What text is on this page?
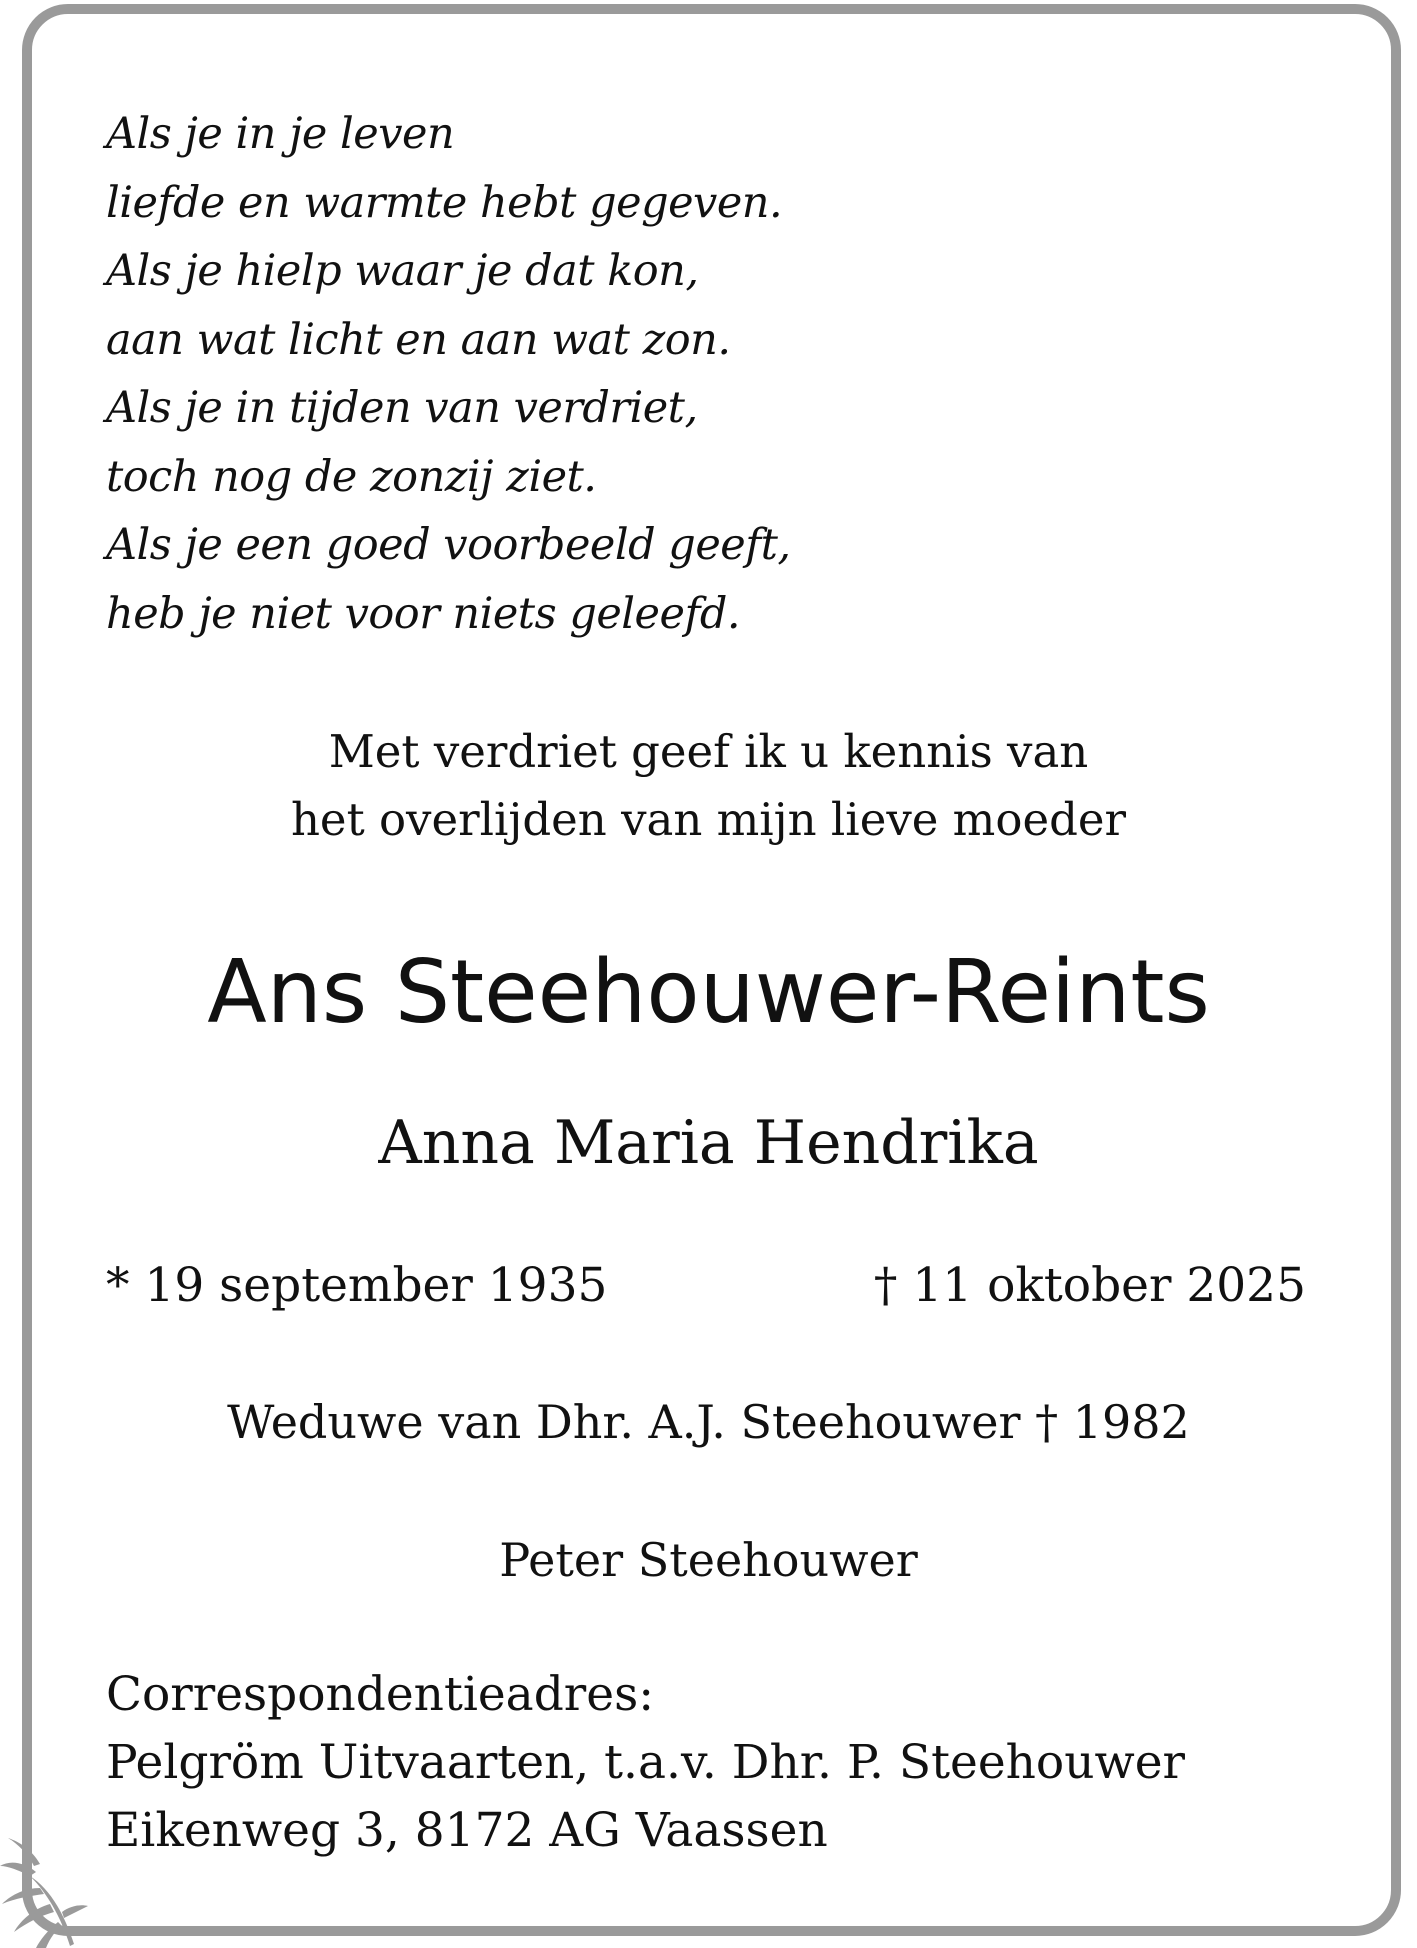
Als je in je leven
liefde en warmte hebt gegeven.
Als je hielp waar je dat kon,
aan wat licht en aan wat zon.
Als je in tijden van verdriet,
toch nog de zonzij ziet.
Als je een goed voorbeeld geeft,
heb je niet voor niets geleefd.
Met verdriet geef ik u kennis van
het overlijden van mijn lieve moeder
Ans Steehouwer-Reints
Anna Maria Hendrika
* 19 september 1935	† 11 oktober 2025
Weduwe van Dhr. A.J. Steehouwer † 1982
Peter Steehouwer
Correspondentieadres:
Pelgröm Uitvaarten, t.a.v. Dhr. P. Steehouwer
Eikenweg 3, 8172 AG Vaassen
